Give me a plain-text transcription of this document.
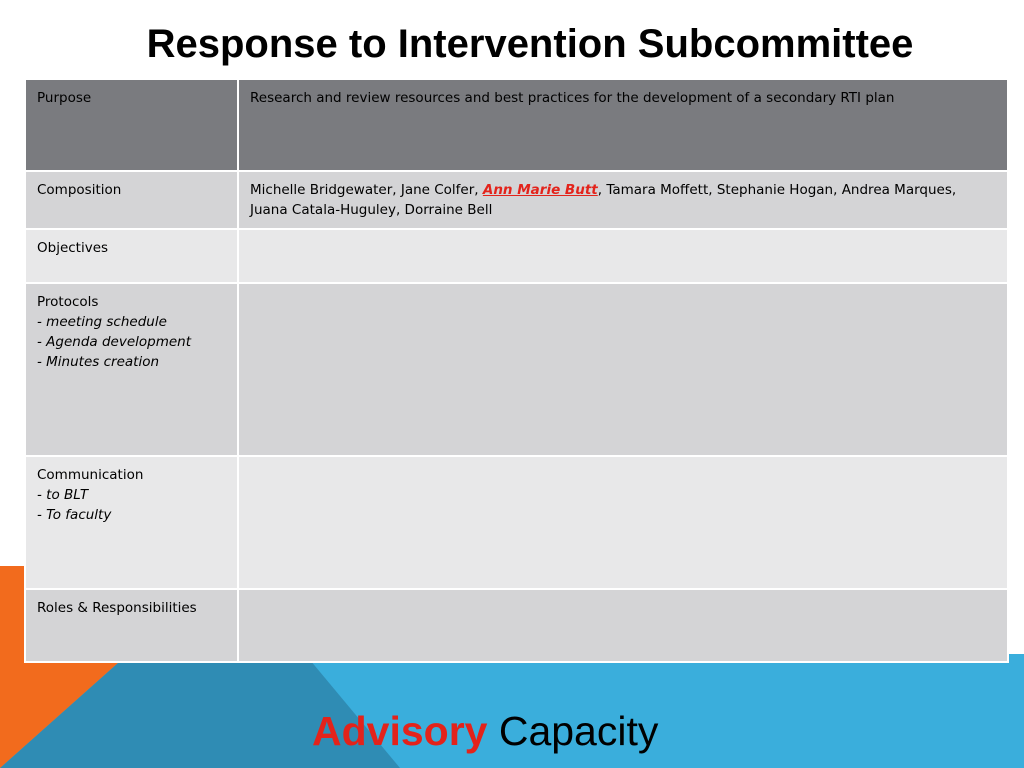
Response to Intervention Subcommittee
Purpose	Research and review resources and best practices for the development of a secondary RTI plan
Composition	Michelle Bridgewater, Jane Colfer, Ann Marie Butt, Tamara Moffett, Stephanie Hogan, Andrea Marques, Juana Catala-Huguley, Dorraine Bell
Objectives	
Protocols
- meeting schedule
- Agenda development
- Minutes creation	

Communication
- to BLT
- To faculty	

Roles & Responsibilities	
Advisory Capacity
